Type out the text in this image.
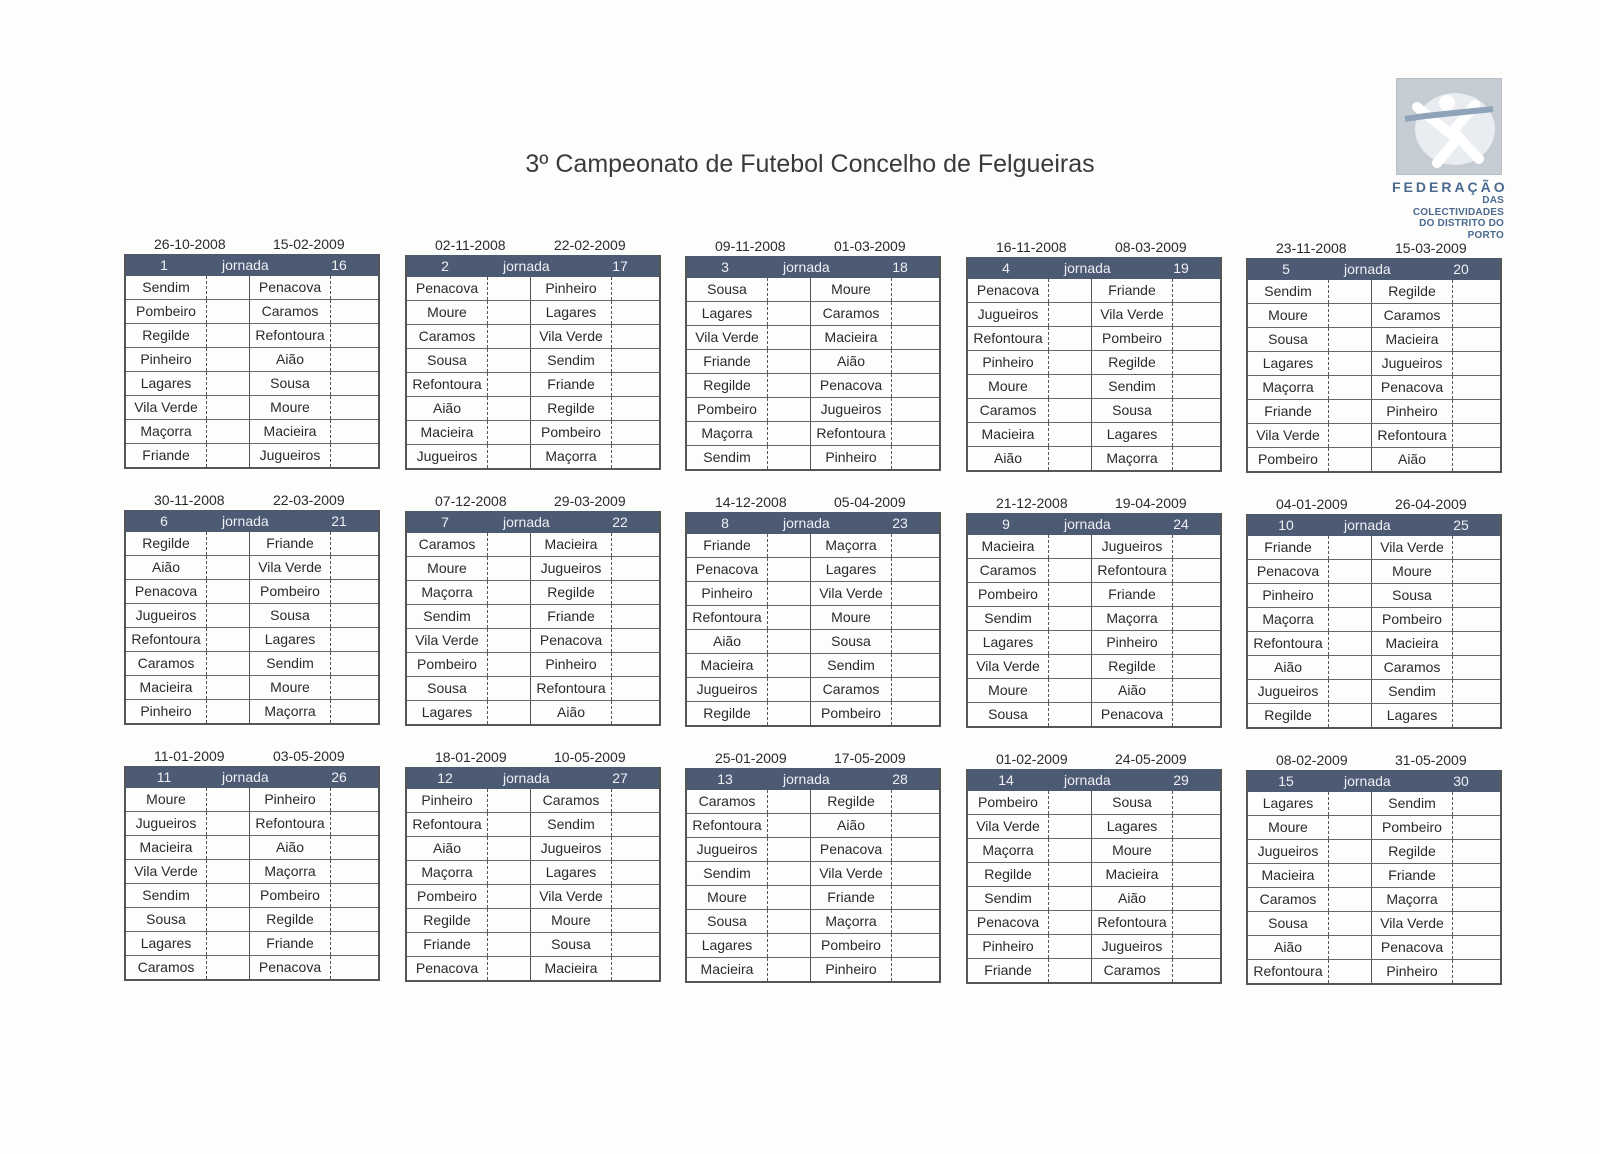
3º Campeonato de Futebol Concelho de Felgueiras
FEDERAÇÃO
DAS COLECTIVIDADES
DO DISTRITO DO PORTO
26-10-2008	15-02-2009
1	jornada	16
Sendim	Penacova
Pombeiro	Caramos
Regilde	Refontoura
Pinheiro	Aião
Lagares	Sousa
Vila Verde	Moure
Maçorra	Macieira
Friande	Jugueiros
02-11-2008	22-02-2009
2	jornada	17
Penacova	Pinheiro
Moure	Lagares
Caramos	Vila Verde
Sousa	Sendim
Refontoura	Friande
Aião	Regilde
Macieira	Pombeiro
Jugueiros	Maçorra
09-11-2008	01-03-2009
3	jornada	18
Sousa	Moure
Lagares	Caramos
Vila Verde	Macieira
Friande	Aião
Regilde	Penacova
Pombeiro	Jugueiros
Maçorra	Refontoura
Sendim	Pinheiro
16-11-2008	08-03-2009
4	jornada	19
Penacova	Friande
Jugueiros	Vila Verde
Refontoura	Pombeiro
Pinheiro	Regilde
Moure	Sendim
Caramos	Sousa
Macieira	Lagares
Aião	Maçorra
23-11-2008	15-03-2009
5	jornada	20
Sendim	Regilde
Moure	Caramos
Sousa	Macieira
Lagares	Jugueiros
Maçorra	Penacova
Friande	Pinheiro
Vila Verde	Refontoura
Pombeiro	Aião
30-11-2008	22-03-2009
6	jornada	21
Regilde	Friande
Aião	Vila Verde
Penacova	Pombeiro
Jugueiros	Sousa
Refontoura	Lagares
Caramos	Sendim
Macieira	Moure
Pinheiro	Maçorra
07-12-2008	29-03-2009
7	jornada	22
Caramos	Macieira
Moure	Jugueiros
Maçorra	Regilde
Sendim	Friande
Vila Verde	Penacova
Pombeiro	Pinheiro
Sousa	Refontoura
Lagares	Aião
14-12-2008	05-04-2009
8	jornada	23
Friande	Maçorra
Penacova	Lagares
Pinheiro	Vila Verde
Refontoura	Moure
Aião	Sousa
Macieira	Sendim
Jugueiros	Caramos
Regilde	Pombeiro
21-12-2008	19-04-2009
9	jornada	24
Macieira	Jugueiros
Caramos	Refontoura
Pombeiro	Friande
Sendim	Maçorra
Lagares	Pinheiro
Vila Verde	Regilde
Moure	Aião
Sousa	Penacova
04-01-2009	26-04-2009
10	jornada	25
Friande	Vila Verde
Penacova	Moure
Pinheiro	Sousa
Maçorra	Pombeiro
Refontoura	Macieira
Aião	Caramos
Jugueiros	Sendim
Regilde	Lagares
11-01-2009	03-05-2009
11	jornada	26
Moure	Pinheiro
Jugueiros	Refontoura
Macieira	Aião
Vila Verde	Maçorra
Sendim	Pombeiro
Sousa	Regilde
Lagares	Friande
Caramos	Penacova
18-01-2009	10-05-2009
12	jornada	27
Pinheiro	Caramos
Refontoura	Sendim
Aião	Jugueiros
Maçorra	Lagares
Pombeiro	Vila Verde
Regilde	Moure
Friande	Sousa
Penacova	Macieira
25-01-2009	17-05-2009
13	jornada	28
Caramos	Regilde
Refontoura	Aião
Jugueiros	Penacova
Sendim	Vila Verde
Moure	Friande
Sousa	Maçorra
Lagares	Pombeiro
Macieira	Pinheiro
01-02-2009	24-05-2009
14	jornada	29
Pombeiro	Sousa
Vila Verde	Lagares
Maçorra	Moure
Regilde	Macieira
Sendim	Aião
Penacova	Refontoura
Pinheiro	Jugueiros
Friande	Caramos
08-02-2009	31-05-2009
15	jornada	30
Lagares	Sendim
Moure	Pombeiro
Jugueiros	Regilde
Macieira	Friande
Caramos	Maçorra
Sousa	Vila Verde
Aião	Penacova
Refontoura	Pinheiro
